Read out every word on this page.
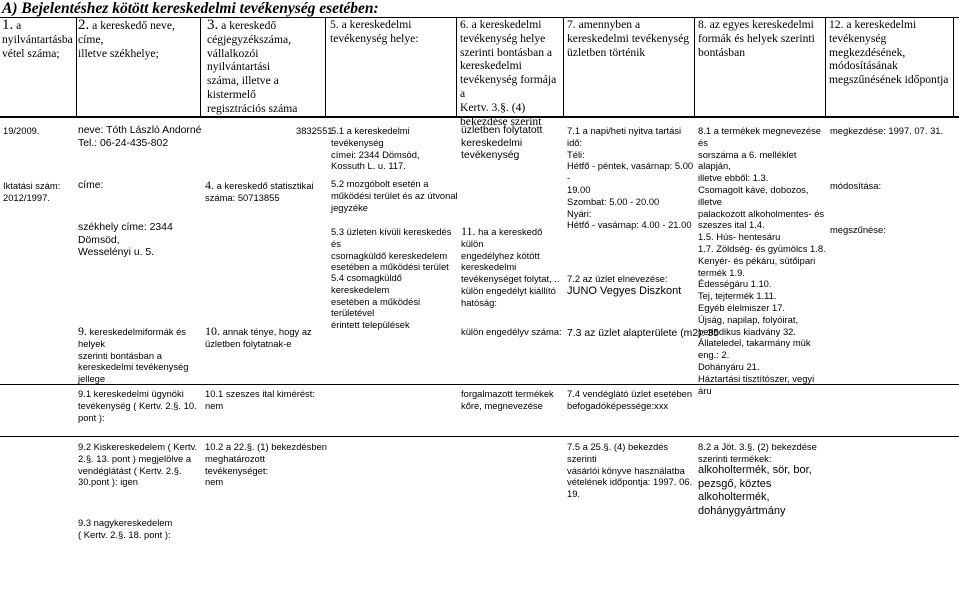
A) Bejelentéshez kötött kereskedelmi tevékenység esetében:
1. a
nyilvántartásba
vétel száma;
2. a kereskedő neve, címe,
illetve székhelye;
3. a kereskedő
cégjegyzékszáma,
vállalkozói nyilvántartási
száma, illetve a kistermelő
regisztrációs száma
5. a kereskedelmi
tevékenység helye:
6. a kereskedelmi
tevékenység helye
szerinti bontásban a
kereskedelmi
tevékenység formája a
Kertv. 3.§. (4)
bekezdése szerint
7. amennyben a
kereskedelmi tevékenység
üzletben történik
8. az egyes kereskedelmi
formák és helyek szerinti
bontásban
12. a kereskedelmi
tevékenység megkezdésének,
módosításának
megszűnésének időpontja
19/2009.
Iktatási szám:
2012/1997.
neve: Tóth László Andorné
Tel.: 06-24-435-802
címe:
székhely címe: 2344 Dömsöd,
Wesselényi u. 5.
9. kereskedelmiformák és helyek
szerinti bontásban a
kereskedelmi tevékenység
jellege
3832551
4. a kereskedő statisztikai
száma: 50713855
10. annak ténye, hogy az
üzletben folytatnak-e
5.1 a kereskedelmi tevékenység
címei: 2344 Dömsöd,
Kossuth L. u. 117.
5.2 mozgóbolt esetén a
működési terület és az útvonal
jegyzéke
5.3 üzleten kívüli kereskedés és
csomagküldő kereskedelem
esetében a működési terület
5.4 csomagküldő kereskedelem
esetében a működési területével
érintett települések
üzletben folytatott
kereskedelmi
tevékenység
11. ha a kereskedő külön
engedélyhez kötött
kereskedelmi
tevékenységet folytat, ..
külön engedélyt kiállító
hatóság:
külön engedélyv száma:
7.1 a napi/heti nyitva tartási idő:
Téli:
Hétfő - péntek, vasárnap: 5.00 -
19.00
Szombat: 5.00 - 20.00
Nyári:
Hétfő - vasárnap: 4.00 - 21.00
7.2 az üzlet elnevezése:
JUNO Vegyes Diszkont
7.3 az üzlet alapterülete (m2): 35
8.1 a termékek megnevezése és
sorszáma a 6. melléklet alapján,
illetve ebből: 1.3.
Csomagolt kávé, dobozos, illetve
palackozott alkoholmentes- és
szeszes ital 1.4.
1.5. Hús- hentesáru
1.7. Zöldség- és gyümölcs 1.8.
Kenyér- és pékáru, sütőipari
termék 1.9.
Édességáru 1.10.
Tej, tejtermék 1.11.
Egyéb élelmiszer 17.
Újság, napilap, folyóirat,
periodikus kiadvány 32.
Állateledel, takarmány mük
eng.: 2.
Dohányáru 21.
Háztartási tisztítószer, vegyi áru
megkezdése: 1997. 07. 31.
módosítása:
megszűnése:
9.1 kereskedelmi ügynöki
tevékenység ( Kertv. 2.§. 10.
pont ):
10.1 szeszes ital kimérést:
nem
forgalmazott termékek
kőre, megnevezése
7.4 vendéglátó üzlet esetében
befogadóképessége:xxx
9.2 Kiskereskedelem ( Kertv.
2.§. 13. pont ) megjelölve a
vendéglátást ( Kertv. 2.§.
30.pont ): igen
9.3 nagykereskedelem
( Kertv. 2.§. 18. pont ):
10.2 a 22.§. (1) bekezdésben
meghatározott tevékenységet:
nem
7.5 a 25.§. (4) bekezdés szerinti
vásárlói könyve használatba
vételének időpontja: 1997. 06.
19.
8.2 a Jöt. 3.§. (2) bekezdése
szerinti termékek:
alkoholtermék, sör, bor,
pezsgő, köztes
alkoholtermék,
dohánygyártmány
